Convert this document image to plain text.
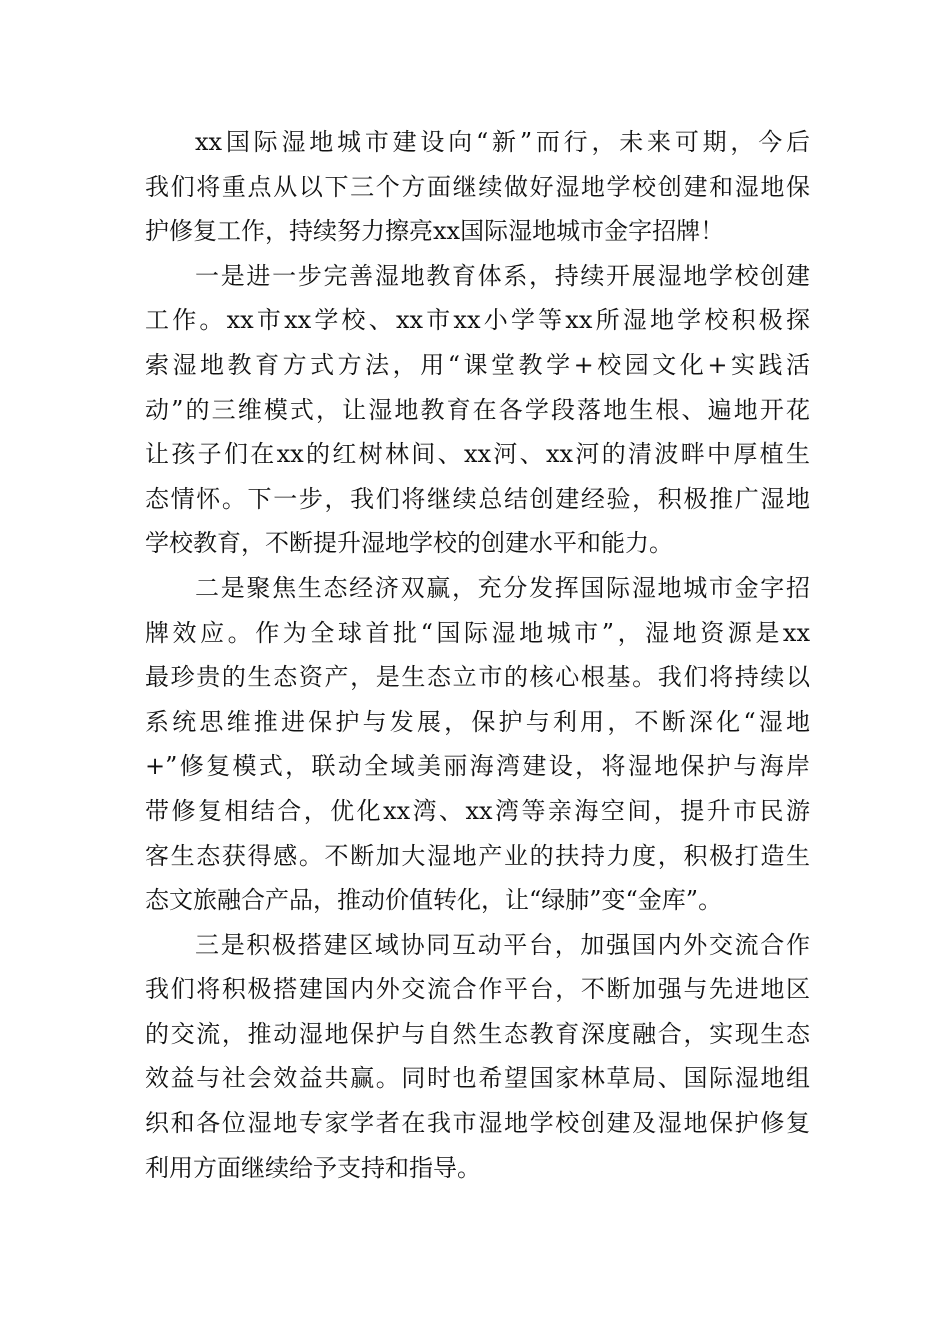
xx国际湿地城市建设向“新”而行，未来可期，今后
我们将重点从以下三个方面继续做好湿地学校创建和湿地保
护修复工作，持续努力擦亮xx国际湿地城市金字招牌！
一是进一步完善湿地教育体系，持续开展湿地学校创建
工作。xx市xx学校、xx市xx小学等xx所湿地学校积极探
索湿地教育方式方法，用“课堂教学+校园文化+实践活
动”的三维模式，让湿地教育在各学段落地生根、遍地开花
让孩子们在xx的红树林间、xx河、xx河的清波畔中厚植生
态情怀。下一步，我们将继续总结创建经验，积极推广湿地
学校教育，不断提升湿地学校的创建水平和能力。
二是聚焦生态经济双赢，充分发挥国际湿地城市金字招
牌效应。作为全球首批“国际湿地城市”，湿地资源是xx
最珍贵的生态资产，是生态立市的核心根基。我们将持续以
系统思维推进保护与发展，保护与利用，不断深化“湿地
+”修复模式，联动全域美丽海湾建设，将湿地保护与海岸
带修复相结合，优化xx湾、xx湾等亲海空间，提升市民游
客生态获得感。不断加大湿地产业的扶持力度，积极打造生
态文旅融合产品，推动价值转化，让“绿肺”变“金库”。
三是积极搭建区域协同互动平台，加强国内外交流合作
我们将积极搭建国内外交流合作平台，不断加强与先进地区
的交流，推动湿地保护与自然生态教育深度融合，实现生态
效益与社会效益共赢。同时也希望国家林草局、国际湿地组
织和各位湿地专家学者在我市湿地学校创建及湿地保护修复
利用方面继续给予支持和指导。
